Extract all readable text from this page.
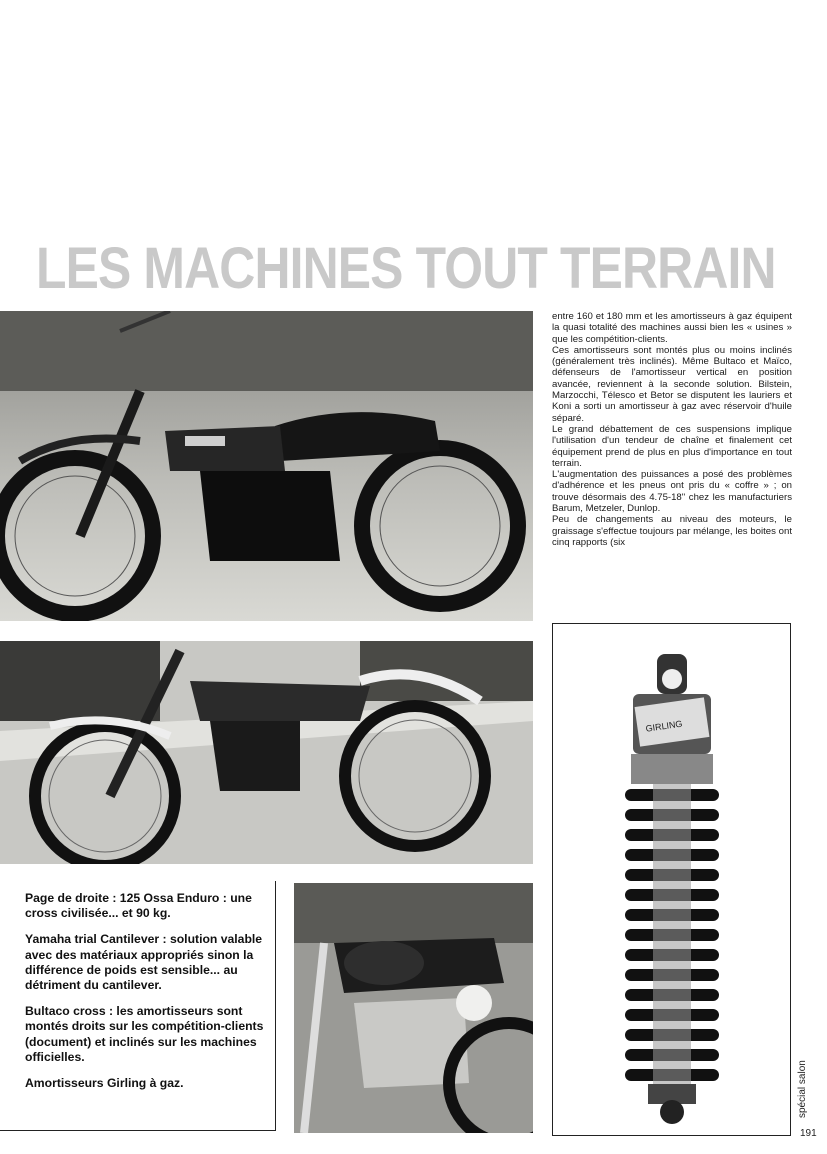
LES MACHINES TOUT TERRAIN
GIRLING

entre 160 et 180 mm et les amortisseurs à gaz équipent la quasi totalité des machines aussi bien les « usines » que les compétition-clients.

Ces amortisseurs sont montés plus ou moins inclinés (généralement très inclinés). Même Bultaco et Maïco, défenseurs de l'amortisseur vertical en position avancée, reviennent à la seconde solution. Bilstein, Marzocchi, Télesco et Betor se disputent les lauriers et Koni a sorti un amortisseur à gaz avec réservoir d'huile séparé.

Le grand débattement de ces suspensions implique l'utilisation d'un tendeur de chaîne et finalement cet équipement prend de plus en plus d'importance en tout terrain.

L'augmentation des puissances a posé des problèmes d'adhérence et les pneus ont pris du « coffre » ; on trouve désormais des 4.75-18" chez les manufacturiers Barum, Metzeler, Dunlop.

Peu de changements au niveau des moteurs, le graissage s'effectue toujours par mélange, les boites ont cinq rapports (six

Page de droite : 125 Ossa Enduro : une cross civilisée... et 90 kg.

Yamaha trial Cantilever : solution valable avec des matériaux appropriés sinon la différence de poids est sensible... au détriment du cantilever.

Bultaco cross : les amortisseurs sont montés droits sur les compétition-clients (document) et inclinés sur les machines officielles.

Amortisseurs Girling à gaz.	spécial salon
191
